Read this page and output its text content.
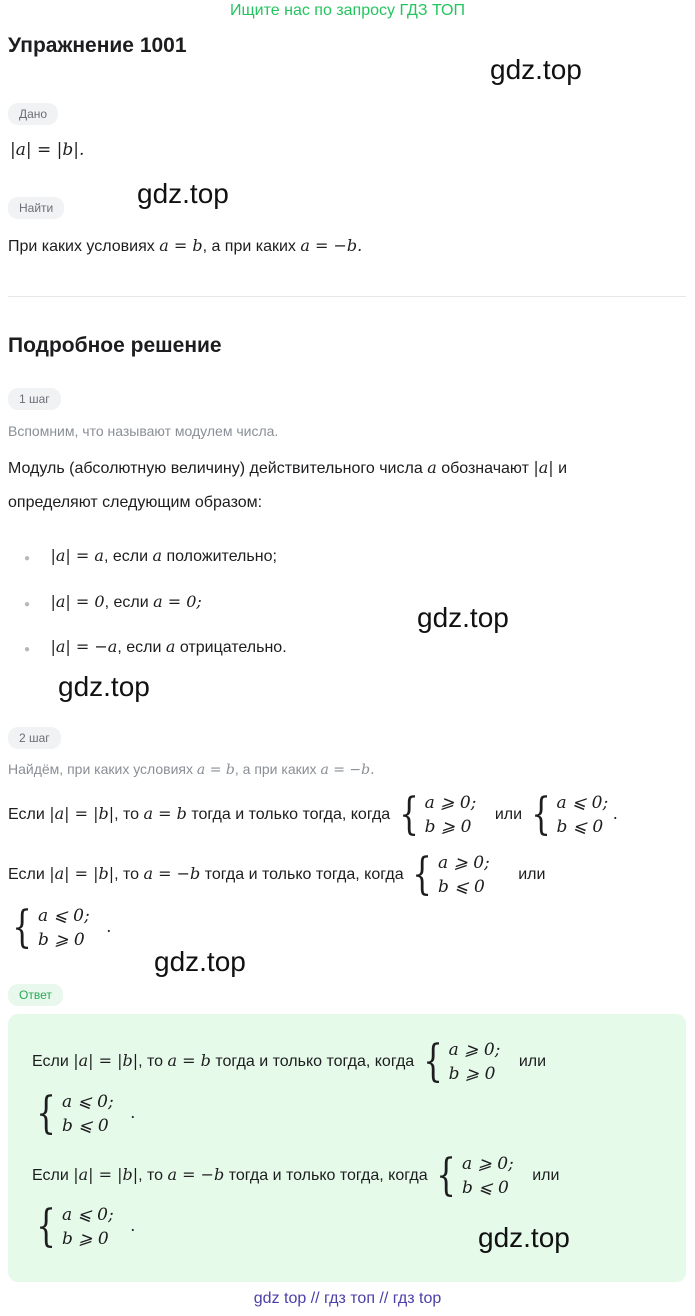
Ищите нас по запросу ГДЗ ТОП
Упражнение 1001
gdz.top
gdz.top
gdz.top
gdz.top
gdz.top
Дано
|a| = |b|.
Найти
При каких условиях a = b, а при каких a = −b.
Подробное решение
1 шаг
Вспомним, что называют модулем числа.
Модуль (абсолютную величину) действительного числа a обозначают |a| и
определяют следующим образом:
● |a| = a, если a положительно;
● |a| = 0, если a = 0;
● |a| = −a, если a отрицательно.
2 шаг
Найдём, при каких условиях a = b, а при каких a = −b.
Если |a| = |b|, то a = b тогда и только тогда, когда { a ⩾ 0;
b ⩾ 0
или { a ⩽ 0;
b ⩽ 0
.
Если |a| = |b|, то a = −b тогда и только тогда, когда { a ⩾ 0;
b ⩽ 0
или
{ a ⩽ 0;
b ⩾ 0
.
Ответ
Если |a| = |b|, то a = b тогда и только тогда, когда { a ⩾ 0;
b ⩾ 0
или
{ a ⩽ 0;
b ⩽ 0
.
Если |a| = |b|, то a = −b тогда и только тогда, когда { a ⩾ 0;
b ⩽ 0
или
{ a ⩽ 0;
b ⩾ 0
.	gdz.top
gdz top // гдз топ // гдз top
